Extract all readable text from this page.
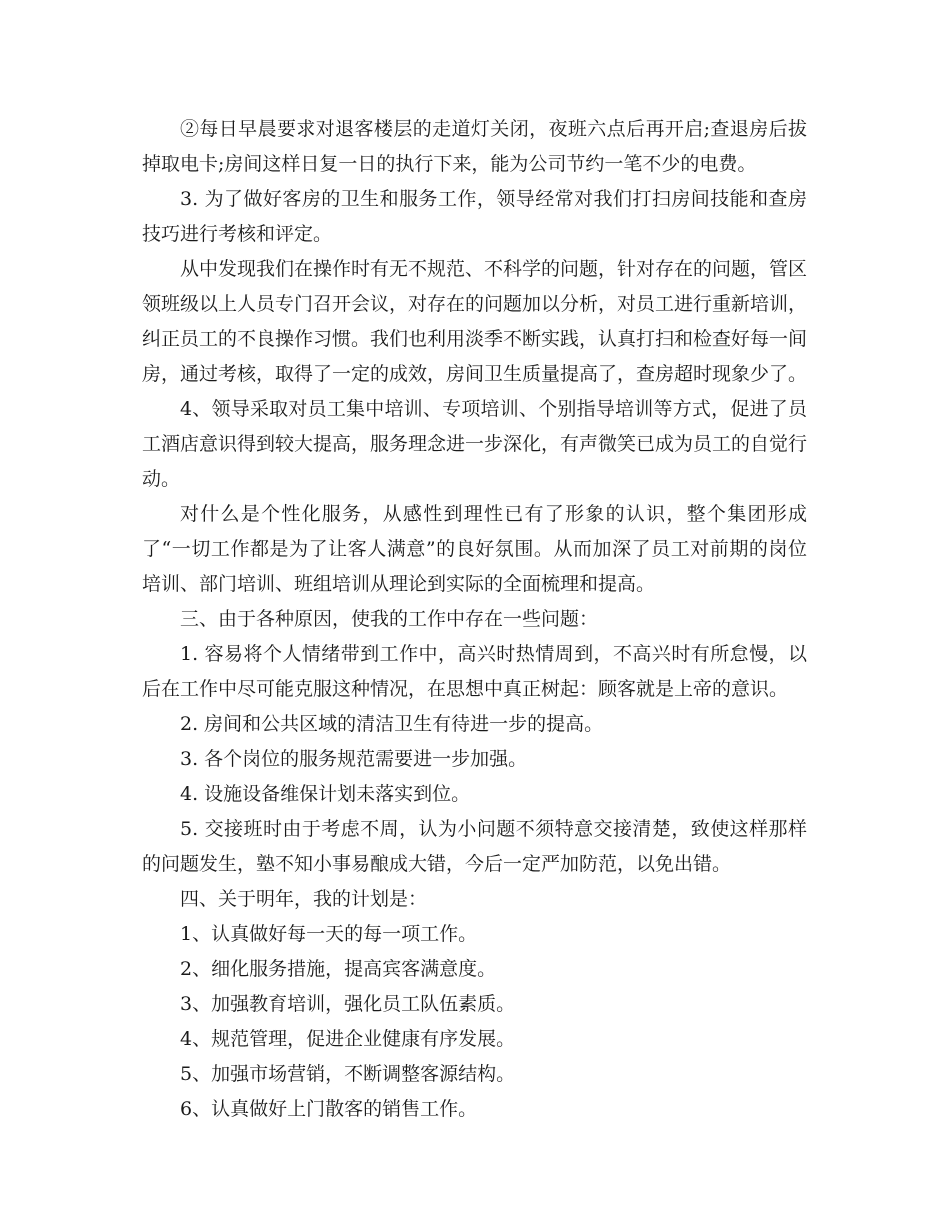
②每日早晨要求对退客楼层的走道灯关闭，夜班六点后再开启;查退房后拔掉取电卡;房间这样日复一日的执行下来，能为公司节约一笔不少的电费。

3. 为了做好客房的卫生和服务工作，领导经常对我们打扫房间技能和查房技巧进行考核和评定。

从中发现我们在操作时有无不规范、不科学的问题，针对存在的问题，管区领班级以上人员专门召开会议，对存在的问题加以分析，对员工进行重新培训，纠正员工的不良操作习惯。我们也利用淡季不断实践，认真打扫和检查好每一间房，通过考核，取得了一定的成效，房间卫生质量提高了，查房超时现象少了。

4、领导采取对员工集中培训、专项培训、个别指导培训等方式，促进了员工酒店意识得到较大提高，服务理念进一步深化，有声微笑已成为员工的自觉行动。

对什么是个性化服务，从感性到理性已有了形象的认识，整个集团形成了“一切工作都是为了让客人满意”的良好氛围。从而加深了员工对前期的岗位培训、部门培训、班组培训从理论到实际的全面梳理和提高。

三、由于各种原因，使我的工作中存在一些问题：

1. 容易将个人情绪带到工作中，高兴时热情周到，不高兴时有所怠慢，以后在工作中尽可能克服这种情况，在思想中真正树起：顾客就是上帝的意识。

2. 房间和公共区域的清洁卫生有待进一步的提高。

3. 各个岗位的服务规范需要进一步加强。

4. 设施设备维保计划未落实到位。

5. 交接班时由于考虑不周，认为小问题不须特意交接清楚，致使这样那样的问题发生，塾不知小事易酿成大错，今后一定严加防范，以免出错。

四、关于明年，我的计划是：

1、认真做好每一天的每一项工作。

2、细化服务措施，提高宾客满意度。

3、加强教育培训，强化员工队伍素质。

4、规范管理，促进企业健康有序发展。

5、加强市场营销，不断调整客源结构。

6、认真做好上门散客的销售工作。
